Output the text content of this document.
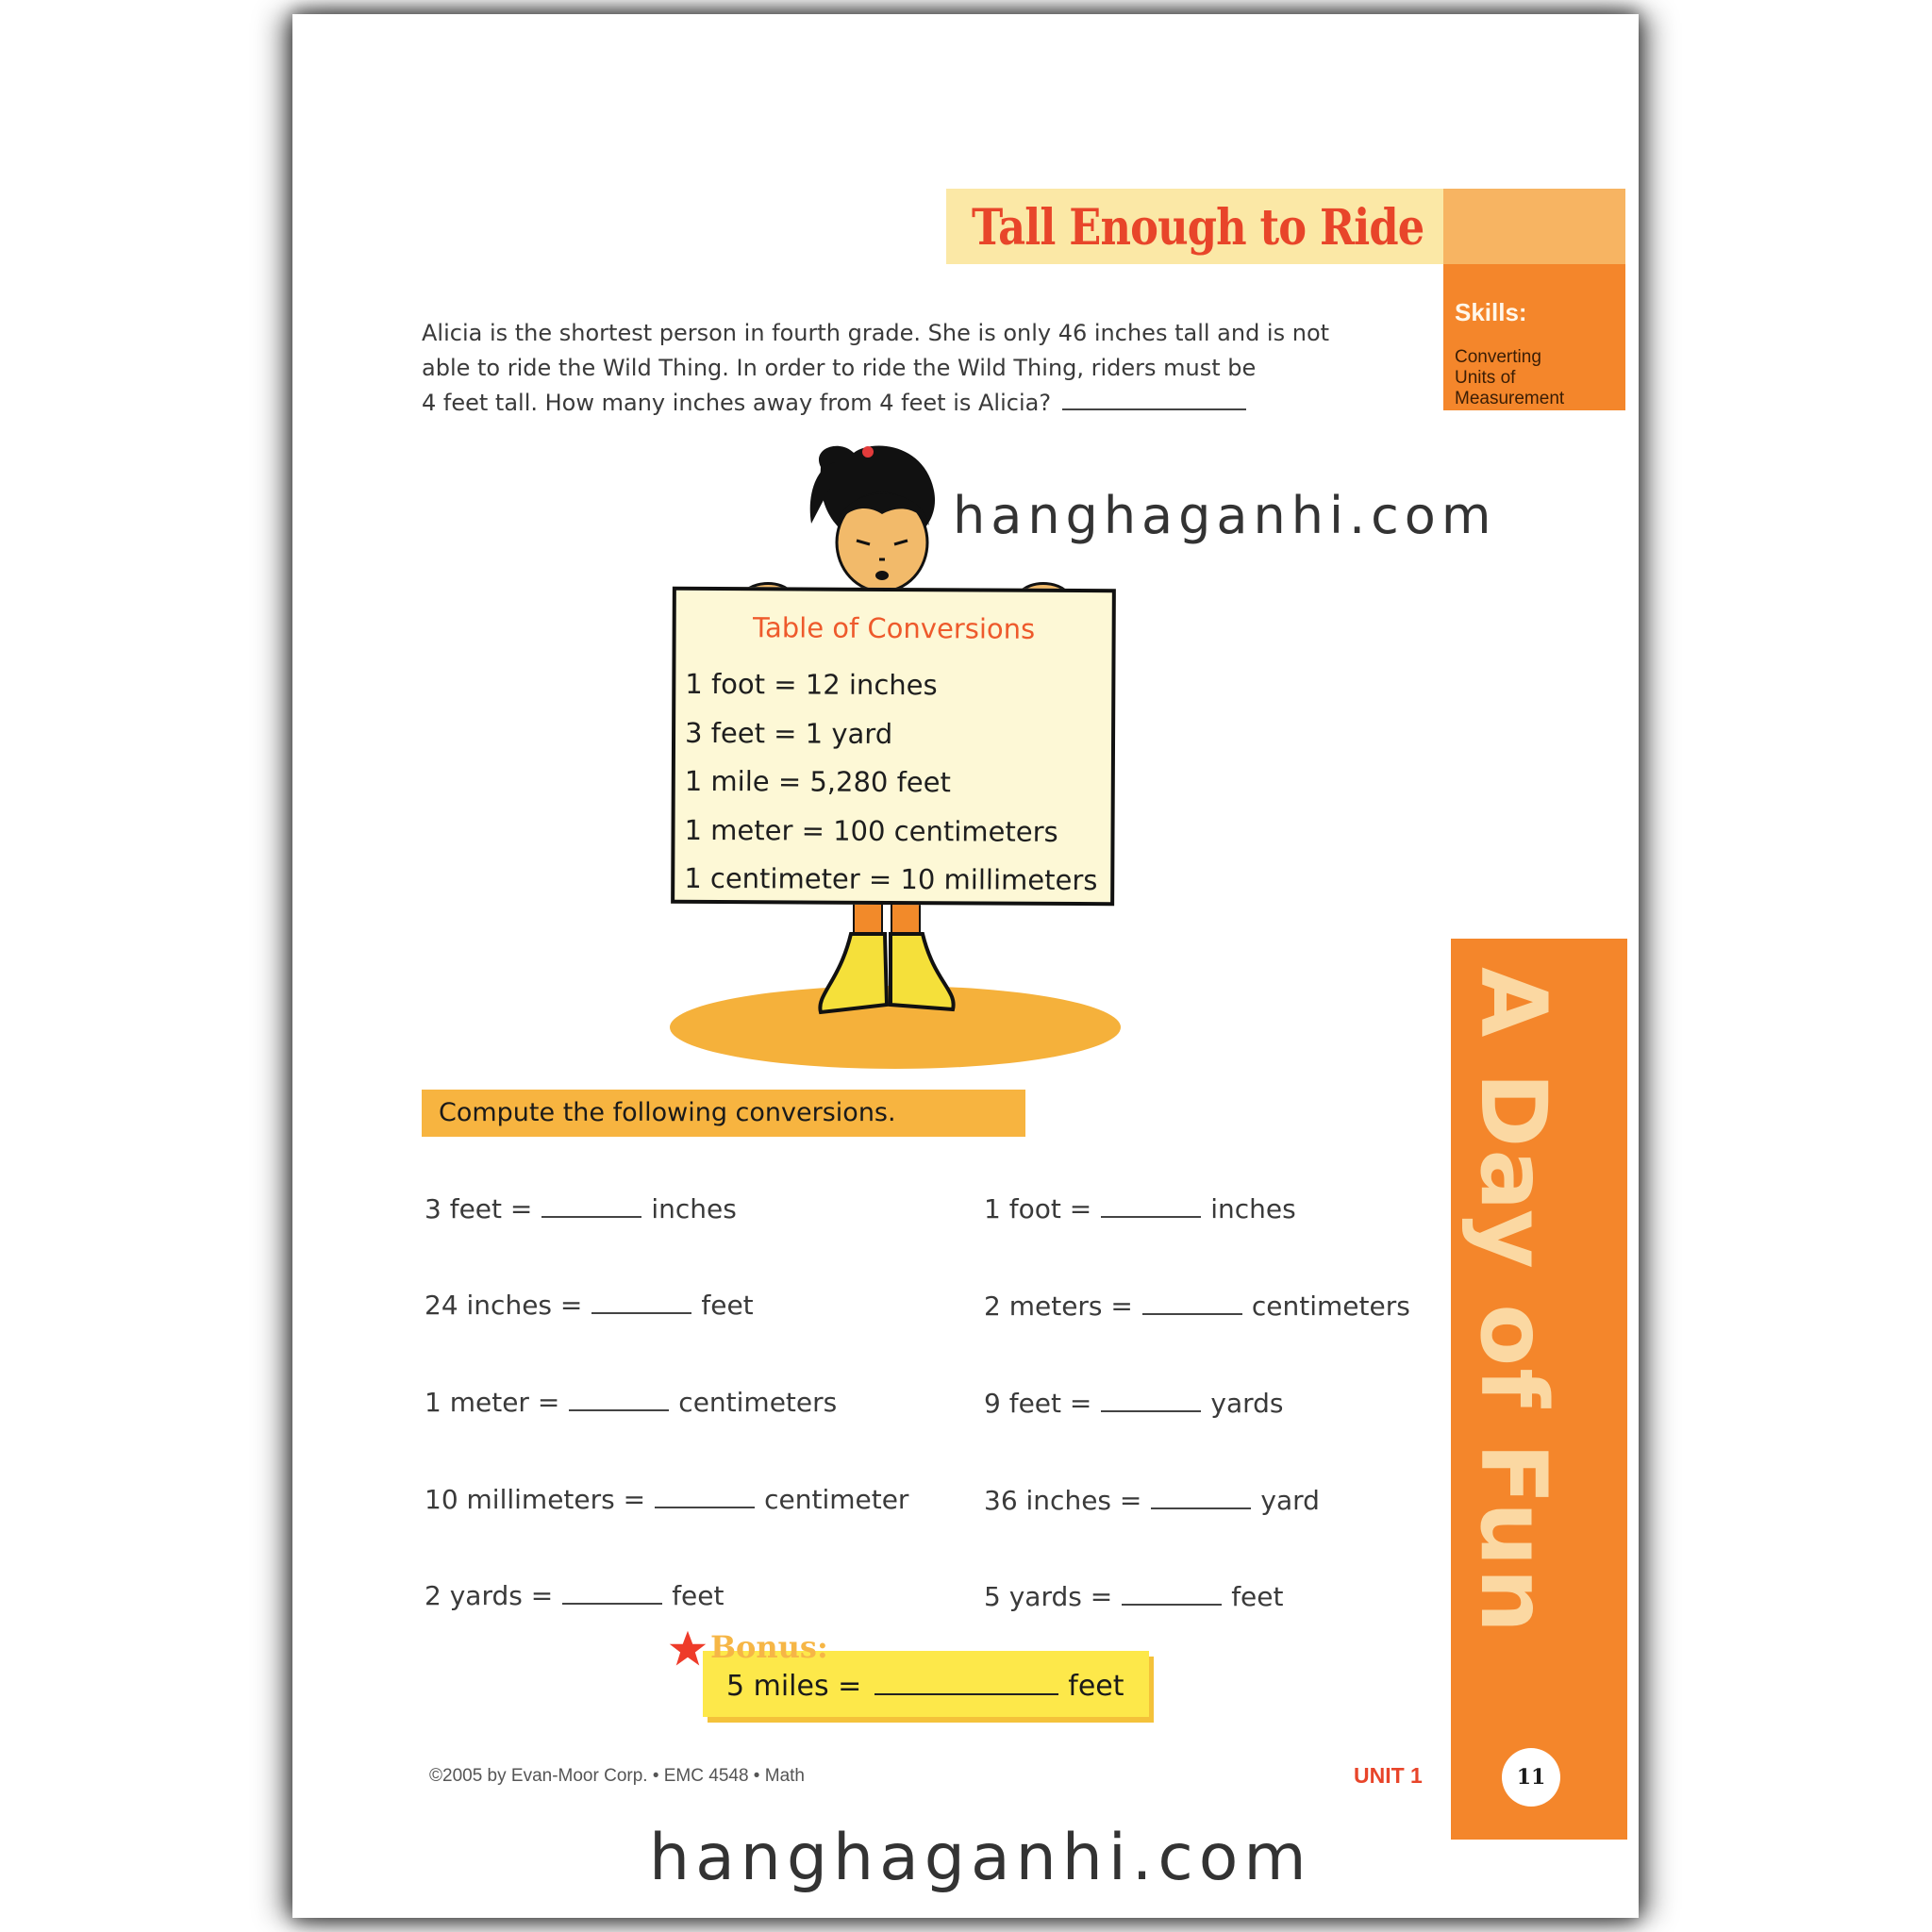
Tall Enough to Ride
Skills:
Converting
Units of
Measurement
Alicia is the shortest person in fourth grade. She is only 46 inches tall and is not
able to ride the Wild Thing. In order to ride the Wild Thing, riders must be
4 feet tall. How many inches away from 4 feet is Alicia?
Table of Conversions
1 foot = 12 inches
3 feet = 1 yard
1 mile = 5,280 feet
1 meter = 100 centimeters
1 centimeter = 10 millimeters
Compute the following conversions.
3 feet =	inches
24 inches =	feet
1 meter =	centimeters
10 millimeters =	centimeter
2 yards =	feet
1 foot =	inches
2 meters =	centimeters
9 feet =	yards
36 inches =	yard
5 yards =	feet
Bonus:
5 miles =	feet
©2005 by Evan-Moor Corp. • EMC 4548 • Math	UNIT 1
A Day of Fun
11
hanghaganhi.com
hanghaganhi.com
